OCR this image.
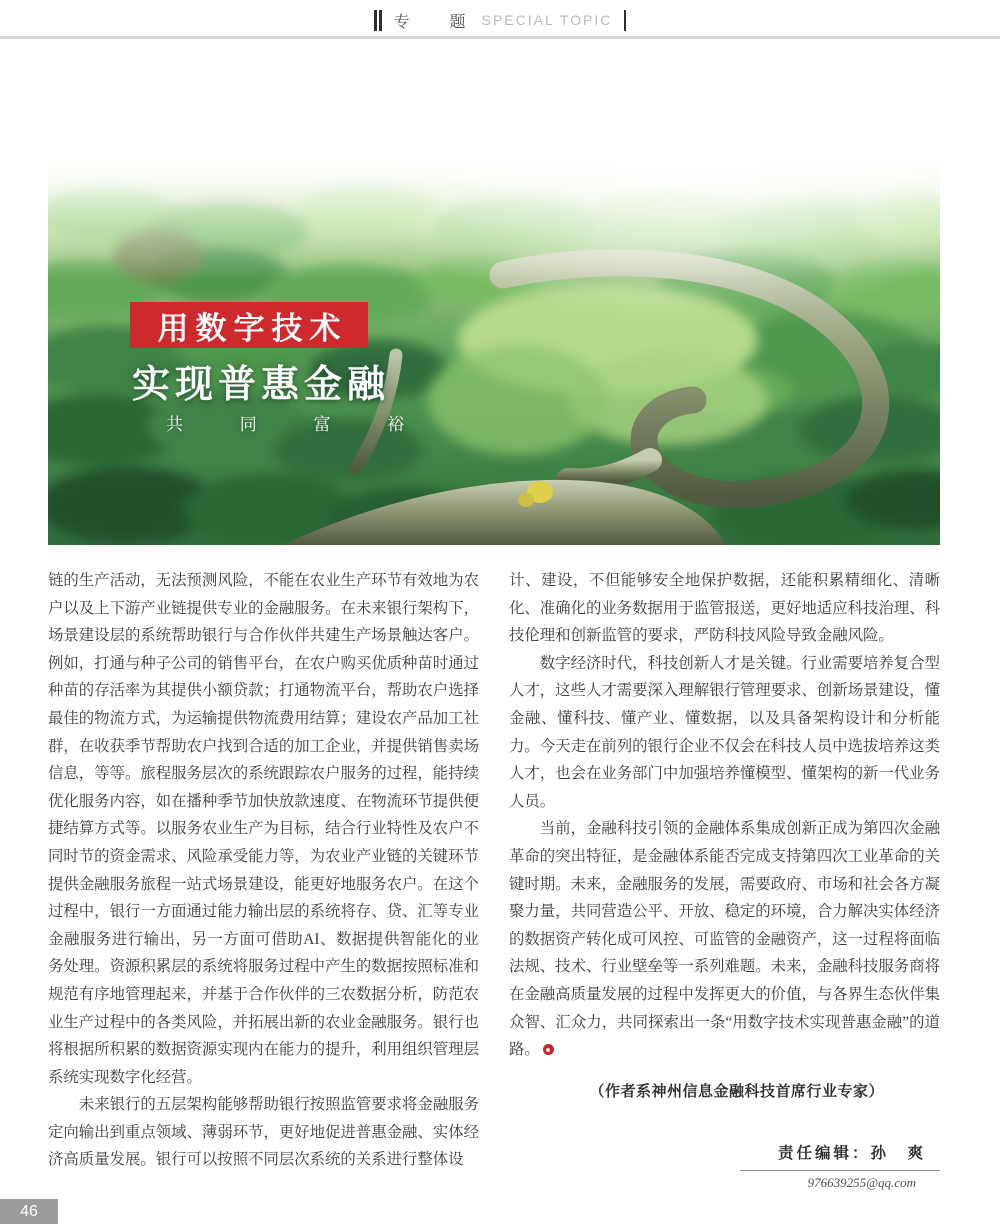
专　题 SPECIAL TOPIC
用数字技术
实现普惠金融
共 同 富 裕

链的生产活动，无法预测风险，不能在农业生产环节有效地为农户以及上下游产业链提供专业的金融服务。在未来银行架构下，场景建设层的系统帮助银行与合作伙伴共建生产场景触达客户。例如，打通与种子公司的销售平台，在农户购买优质种苗时通过种苗的存活率为其提供小额贷款；打通物流平台，帮助农户选择最佳的物流方式，为运输提供物流费用结算；建设农产品加工社群，在收获季节帮助农户找到合适的加工企业，并提供销售卖场信息，等等。旅程服务层次的系统跟踪农户服务的过程，能持续优化服务内容，如在播种季节加快放款速度、在物流环节提供便捷结算方式等。以服务农业生产为目标，结合行业特性及农户不同时节的资金需求、风险承受能力等，为农业产业链的关键环节提供金融服务旅程一站式场景建设，能更好地服务农户。在这个过程中，银行一方面通过能力输出层的系统将存、贷、汇等专业金融服务进行输出，另一方面可借助AI、数据提供智能化的业务处理。资源积累层的系统将服务过程中产生的数据按照标准和规范有序地管理起来，并基于合作伙伴的三农数据分析，防范农业生产过程中的各类风险，并拓展出新的农业金融服务。银行也将根据所积累的数据资源实现内在能力的提升，利用组织管理层系统实现数字化经营。

未来银行的五层架构能够帮助银行按照监管要求将金融服务定向输出到重点领域、薄弱环节，更好地促进普惠金融、实体经济高质量发展。银行可以按照不同层次系统的关系进行整体设

计、建设，不但能够安全地保护数据，还能积累精细化、清晰化、准确化的业务数据用于监管报送，更好地适应科技治理、科技伦理和创新监管的要求，严防科技风险导致金融风险。

数字经济时代，科技创新人才是关键。行业需要培养复合型人才，这些人才需要深入理解银行管理要求、创新场景建设，懂金融、懂科技、懂产业、懂数据，以及具备架构设计和分析能力。今天走在前列的银行企业不仅会在科技人员中选拔培养这类人才，也会在业务部门中加强培养懂模型、懂架构的新一代业务人员。

当前，金融科技引领的金融体系集成创新正成为第四次金融革命的突出特征，是金融体系能否完成支持第四次工业革命的关键时期。未来，金融服务的发展，需要政府、市场和社会各方凝聚力量，共同营造公平、开放、稳定的环境，合力解决实体经济的数据资产转化成可风控、可监管的金融资产，这一过程将面临法规、技术、行业壁垒等一系列难题。未来，金融科技服务商将在金融高质量发展的过程中发挥更大的价值，与各界生态伙伴集众智、汇众力，共同探索出一条“用数字技术实现普惠金融”的道路。

（作者系神州信息金融科技首席行业专家）

责任编辑：孙　爽
976639255@qq.com
46
